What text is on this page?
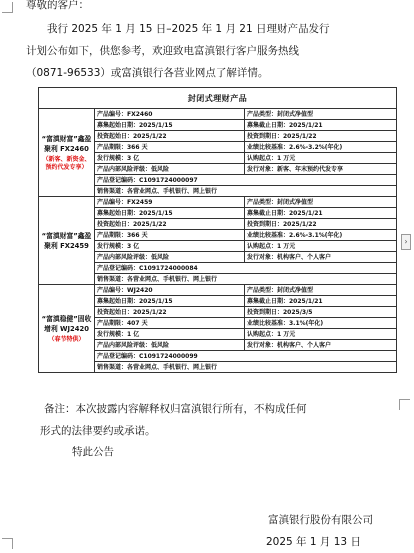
尊敬的客户：
我行 2025 年 1 月 15 日–2025 年 1 月 21 日理财产品发行
计划公布如下，供您参考，欢迎致电富滇银行客户服务热线
（0871-96533）或富滇银行各营业网点了解详情。
封闭式理财产品		
“富滇财富”鑫盈聚利 FX2460
（新客、新资金、预约代发专享）	产品编号：FX2460	产品类型：封闭式净值型
	募集起始日期：2025/1/15	募集截止日期：2025/1/21
	投资起始日：2025/1/22	投资到期日：2025/1/22
	产品期限：366 天	业绩比较基准：2.6%-3.2%(年化)
	发行规模：3 亿	认购起点：1 万元
	产品内部风险评级：低风险	发行对象：新客、年末预约代发专享
	产品登记编码：C1091724000097	
	销售渠道：各营业网点、手机银行、网上银行	
“富滇财富”鑫盈聚利 FX2459	产品编号：FX2459	产品类型：封闭式净值型
	募集起始日期：2025/1/15	募集截止日期：2025/1/21
	投资起始日：2025/1/22	投资到期日：2025/1/22
	产品期限：366 天	业绩比较基准：2.6%-3.1%(年化)
	发行规模：3 亿	认购起点：1 万元
	产品内部风险评级：低风险	发行对象：机构客户、个人客户
	产品登记编码：C1091724000084	
	销售渠道：各营业网点、手机银行、网上银行	
“富滇稳健”固收增利 WJ2420
（春节特供）	产品编号：WJ2420	产品类型：封闭式净值型
	募集起始日期：2025/1/15	募集截止日期：2025/1/21
	投资起始日：2025/1/22	投资到期日：2025/3/5
	产品期限：407 天	业绩比较基准：3.1%(年化)
	发行规模：1 亿	认购起点：1 万元
	产品内部风险评级：低风险	发行对象：机构客户、个人客户
	产品登记编码：C1091724000099	
	销售渠道：各营业网点、手机银行、网上银行	
备注：本次披露内容解释权归富滇银行所有，不构成任何
形式的法律要约或承诺。
特此公告
富滇银行股份有限公司
2025 年 1 月 13 日
›
